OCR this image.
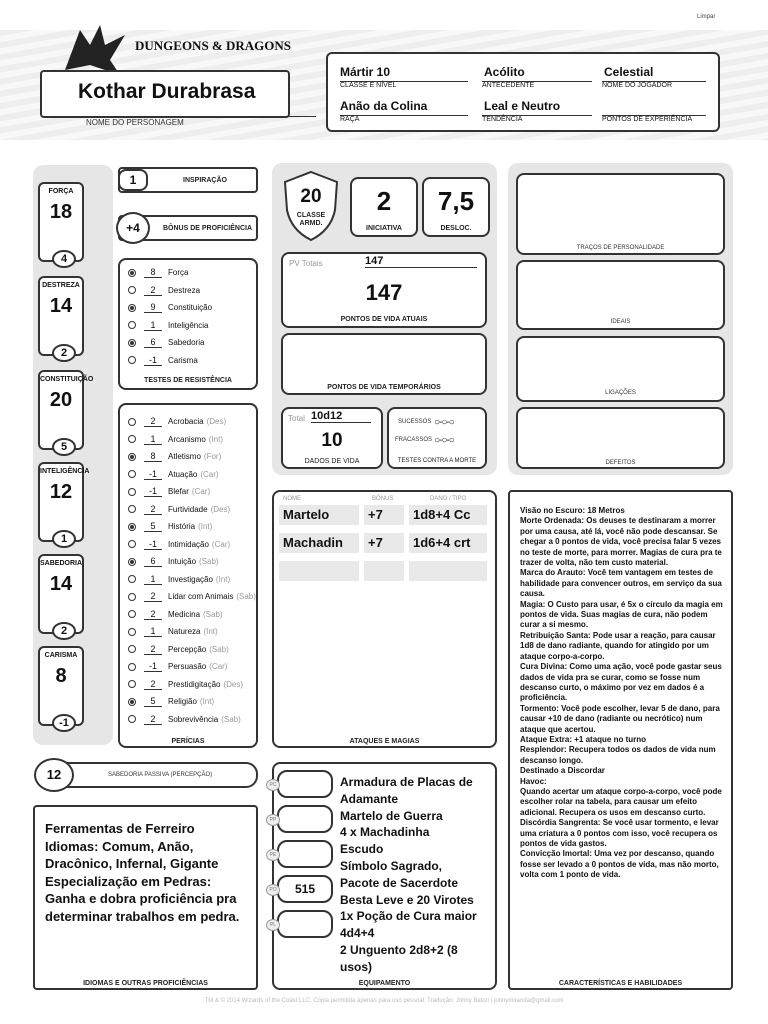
Limpar
DUNGEONS & DRAGONS
Kothar Durabrasa
NOME DO PERSONAGEM
Mártir 10
CLASSE E NÍVEL
Acólito
ANTECEDENTE
Celestial
NOME DO JOGADOR
Anão da Colina
RAÇA
Leal e Neutro
TENDÊNCIA	PONTOS DE EXPERIÊNCIA
FORÇA
18
4
DESTREZA
14
2
CONSTITUIÇÃO
20
5
INTELIGÊNCIA
12
1
SABEDORIA
14
2
CARISMA
8
-1
1	INSPIRAÇÃO
+4	BÔNUS DE PROFICIÊNCIA
8	Força
2	Destreza
9	Constituição
1	Inteligência
6	Sabedoria
-1	Carisma
TESTES DE RESISTÊNCIA
2	Acrobacia (Des)
1	Arcanismo (Int)
8	Atletismo (For)
-1	Atuação (Car)
-1	Blefar (Car)
2	Furtividade (Des)
5	História (Int)
-1	Intimidação (Car)
6	Intuição (Sab)
1	Investigação (Int)
2	Lidar com Animais (Sab)
2	Medicina (Sab)
1	Natureza (Int)
2	Percepção (Sab)
-1	Persuasão (Car)
2	Prestidigitação (Des)
5	Religião (Int)
2	Sobrevivência (Sab)
PERÍCIAS
12	SABEDORIA PASSIVA (PERCEPÇÃO)
Ferramentas de Ferreiro
Idiomas: Comum, Anão, Dracônico, Infernal, Gigante
Especialização em Pedras: Ganha e dobra proficiência pra determinar trabalhos em pedra.
IDIOMAS E OUTRAS PROFICIÊNCIAS
20
CLASSE ARMD.
2
INICIATIVA
7,5
DESLOC.
PV Totais	147
147
PONTOS DE VIDA ATUAIS
PONTOS DE VIDA TEMPORÁRIOS
Total 10d12
10
DADOS DE VIDA
SUCESSOS ○-○-○
FRACASSOS ○-○-○
TESTES CONTRA A MORTE
NOME	BÔNUS	DANO / TIPO
Martelo	+7	1d8+4 Cc
Machadin	+7	1d6+4 crt
ATAQUES E MAGIAS
PC
PP
PE
515
PO
PL
Armadura de Placas de Adamante
Martelo de Guerra
4 x Machadinha
Escudo
Símbolo Sagrado,
Pacote de Sacerdote
Besta Leve e 20 Virotes
1x Poção de Cura maior 4d4+4
2 Unguento 2d8+2 (8 usos)
EQUIPAMENTO
TRAÇOS DE PERSONALIDADE
IDEAIS
LIGAÇÕES
DEFEITOS
Visão no Escuro: 18 Metros
Morte Ordenada: Os deuses te destinaram a morrer por uma causa, até lá, você não pode descansar. Se chegar a 0 pontos de vida, você precisa falar 5 vezes no teste de morte, para morrer. Magias de cura pra te trazer de volta, não tem custo material.
Marca do Arauto: Você tem vantagem em testes de habilidade para convencer outros, em serviço da sua causa.
Magia: O Custo para usar, é 5x o círculo da magia em pontos de vida. Suas magias de cura, não podem curar a si mesmo.
Retribuição Santa: Pode usar a reação, para causar 1d8 de dano radiante, quando for atingido por um ataque corpo-a-corpo.
Cura Divina: Como uma ação, você pode gastar seus dados de vida pra se curar, como se fosse num descanso curto, o máximo por vez em dados é a proficiência.
Tormento: Você pode escolher, levar 5 de dano, para causar +10 de dano (radiante ou necrótico) num ataque que acertou.
Ataque Extra: +1 ataque no turno
Resplendor: Recupera todos os dados de vida num descanso longo.
Destinado a Discordar
Havoc:
Quando acertar um ataque corpo-a-corpo, você pode escolher rolar na tabela, para causar um efeito adicional. Recupera os usos em descanso curto.
Discórdia Sangrenta: Se você usar tormento, e levar uma criatura a 0 pontos com isso, você recupera os pontos de vida gastos.
Convicção Imortal: Uma vez por descanso, quando fosse ser levado a 0 pontos de vida, mas não morto, volta com 1 ponto de vida.
CARACTERÍSTICAS E HABILIDADES
TM & © 2014 Wizards of the Coast LLC. Cópia permitida apenas para uso pessoal. Tradução: Johny Batori | jonnymiranda@gmail.com
